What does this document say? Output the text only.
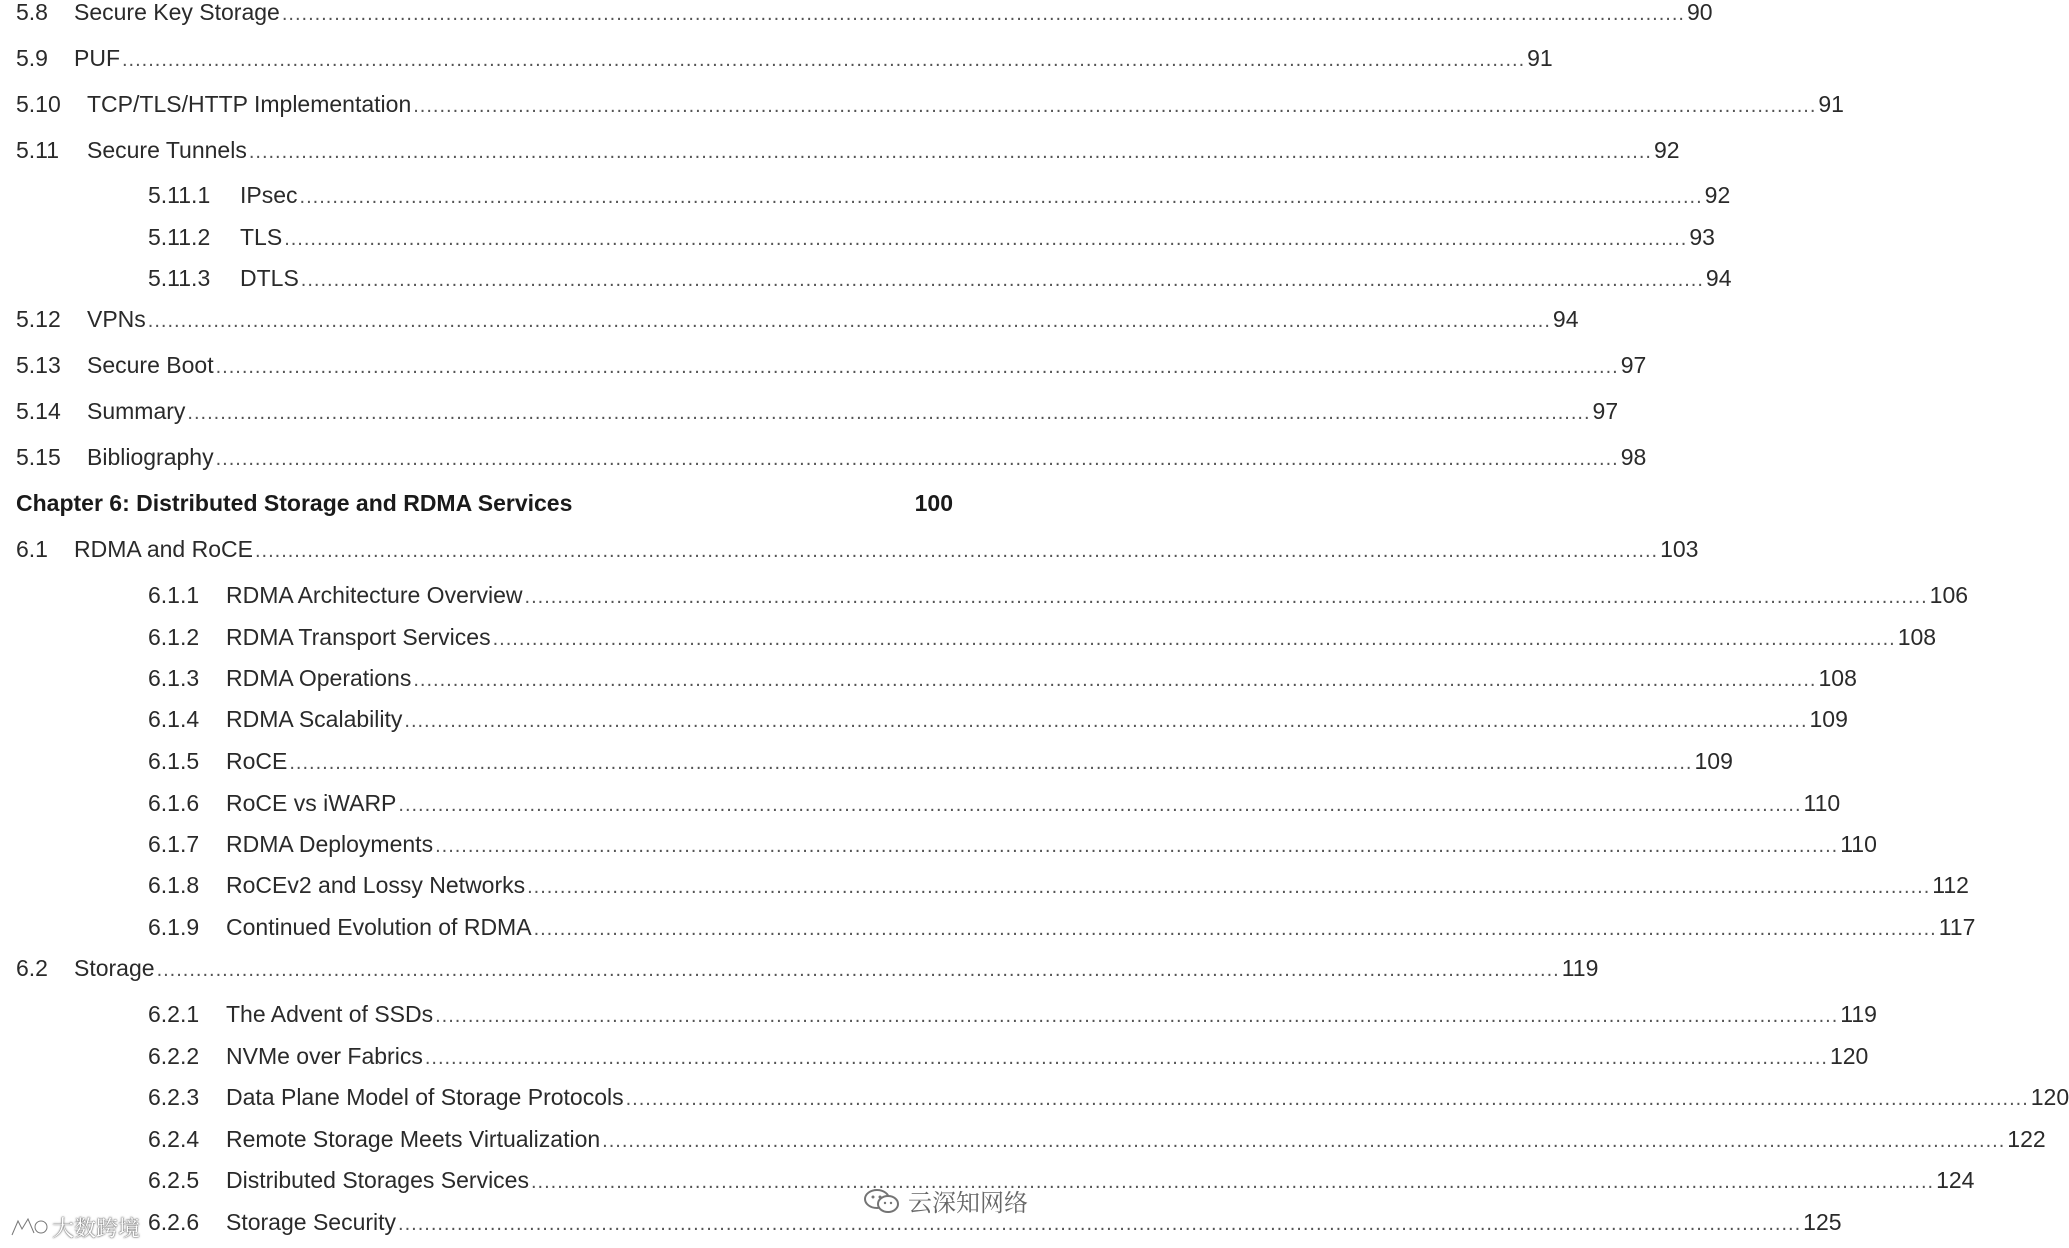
5.8	Secure Key Storage ...................................................................................................................................................................................................................... 90
5.9	PUF ...................................................................................................................................................................................................................... 91
5.10	TCP/TLS/HTTP Implementation ...................................................................................................................................................................................................................... 91
5.11	Secure Tunnels ...................................................................................................................................................................................................................... 92
5.11.1	IPsec ...................................................................................................................................................................................................................... 92
5.11.2	TLS ...................................................................................................................................................................................................................... 93
5.11.3	DTLS ...................................................................................................................................................................................................................... 94
5.12	VPNs ...................................................................................................................................................................................................................... 94
5.13	Secure Boot ...................................................................................................................................................................................................................... 97
5.14	Summary ...................................................................................................................................................................................................................... 97
5.15	Bibliography ...................................................................................................................................................................................................................... 98
Chapter 6: Distributed Storage and RDMA Services	100
6.1	RDMA and RoCE ...................................................................................................................................................................................................................... 103
6.1.1	RDMA Architecture Overview ...................................................................................................................................................................................................................... 106
6.1.2	RDMA Transport Services ...................................................................................................................................................................................................................... 108
6.1.3	RDMA Operations ...................................................................................................................................................................................................................... 108
6.1.4	RDMA Scalability ...................................................................................................................................................................................................................... 109
6.1.5	RoCE ...................................................................................................................................................................................................................... 109
6.1.6	RoCE vs iWARP ...................................................................................................................................................................................................................... 110
6.1.7	RDMA Deployments ...................................................................................................................................................................................................................... 110
6.1.8	RoCEv2 and Lossy Networks ...................................................................................................................................................................................................................... 112
6.1.9	Continued Evolution of RDMA ...................................................................................................................................................................................................................... 117
6.2	Storage ...................................................................................................................................................................................................................... 119
6.2.1	The Advent of SSDs ...................................................................................................................................................................................................................... 119
6.2.2	NVMe over Fabrics ...................................................................................................................................................................................................................... 120
6.2.3	Data Plane Model of Storage Protocols ...................................................................................................................................................................................................................... 120
6.2.4	Remote Storage Meets Virtualization ...................................................................................................................................................................................................................... 122
6.2.5	Distributed Storages Services ...................................................................................................................................................................................................................... 124
6.2.6	Storage Security ...................................................................................................................................................................................................................... 125
云深知网络
大数跨境
